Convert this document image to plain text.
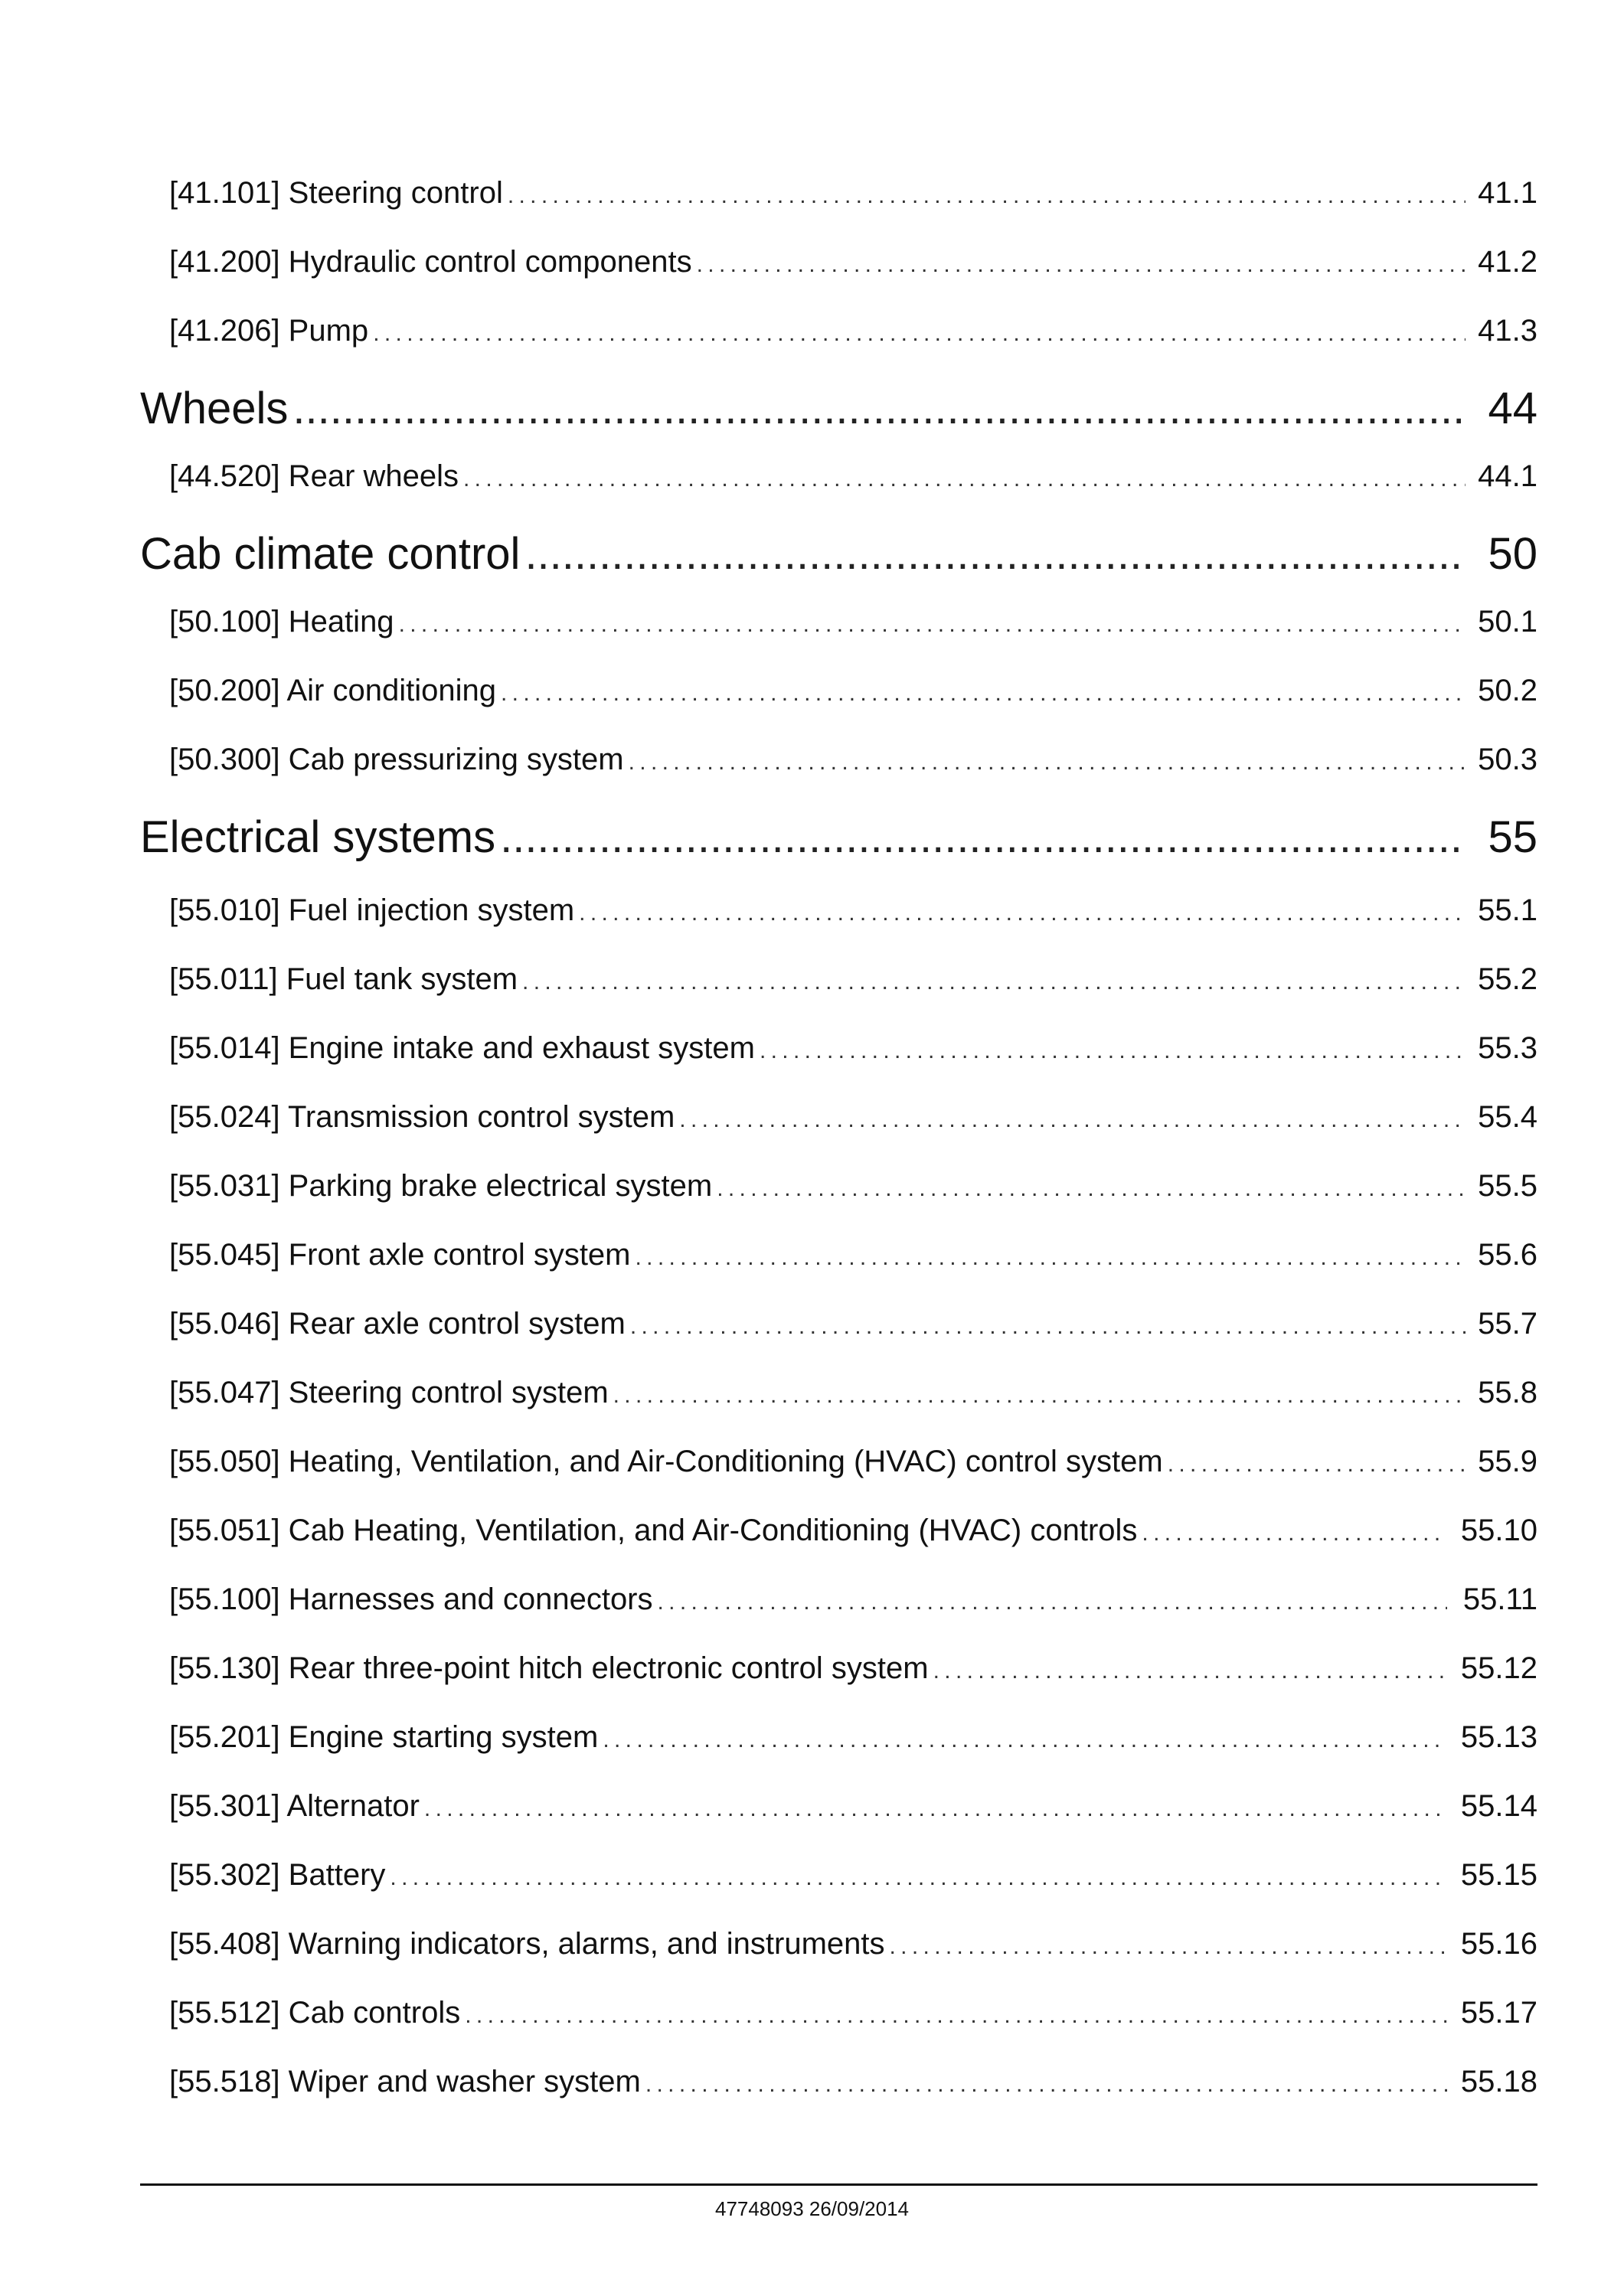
[41.101] Steering control . . .	41.1
[41.200] Hydraulic control components . . .	41.2
[41.206] Pump . . .	41.3
Wheels .....	44
[44.520] Rear wheels . . .	44.1
Cab climate control .....	50
[50.100] Heating . . .	50.1
[50.200] Air conditioning . . .	50.2
[50.300] Cab pressurizing system . . .	50.3
Electrical systems .....	55
[55.010] Fuel injection system . . .	55.1
[55.011] Fuel tank system . . .	55.2
[55.014] Engine intake and exhaust system . . .	55.3
[55.024] Transmission control system . . .	55.4
[55.031] Parking brake electrical system . . .	55.5
[55.045] Front axle control system . . .	55.6
[55.046] Rear axle control system . . .	55.7
[55.047] Steering control system . . .	55.8
[55.050] Heating, Ventilation, and Air-Conditioning (HVAC) control system . . .	55.9
[55.051] Cab Heating, Ventilation, and Air-Conditioning (HVAC) controls . . .	55.10
[55.100] Harnesses and connectors . . .	55.11
[55.130] Rear three-point hitch electronic control system . . .	55.12
[55.201] Engine starting system . . .	55.13
[55.301] Alternator . . .	55.14
[55.302] Battery . . .	55.15
[55.408] Warning indicators, alarms, and instruments . . .	55.16
[55.512] Cab controls . . .	55.17
[55.518] Wiper and washer system . . .	55.18
47748093 26/09/2014
